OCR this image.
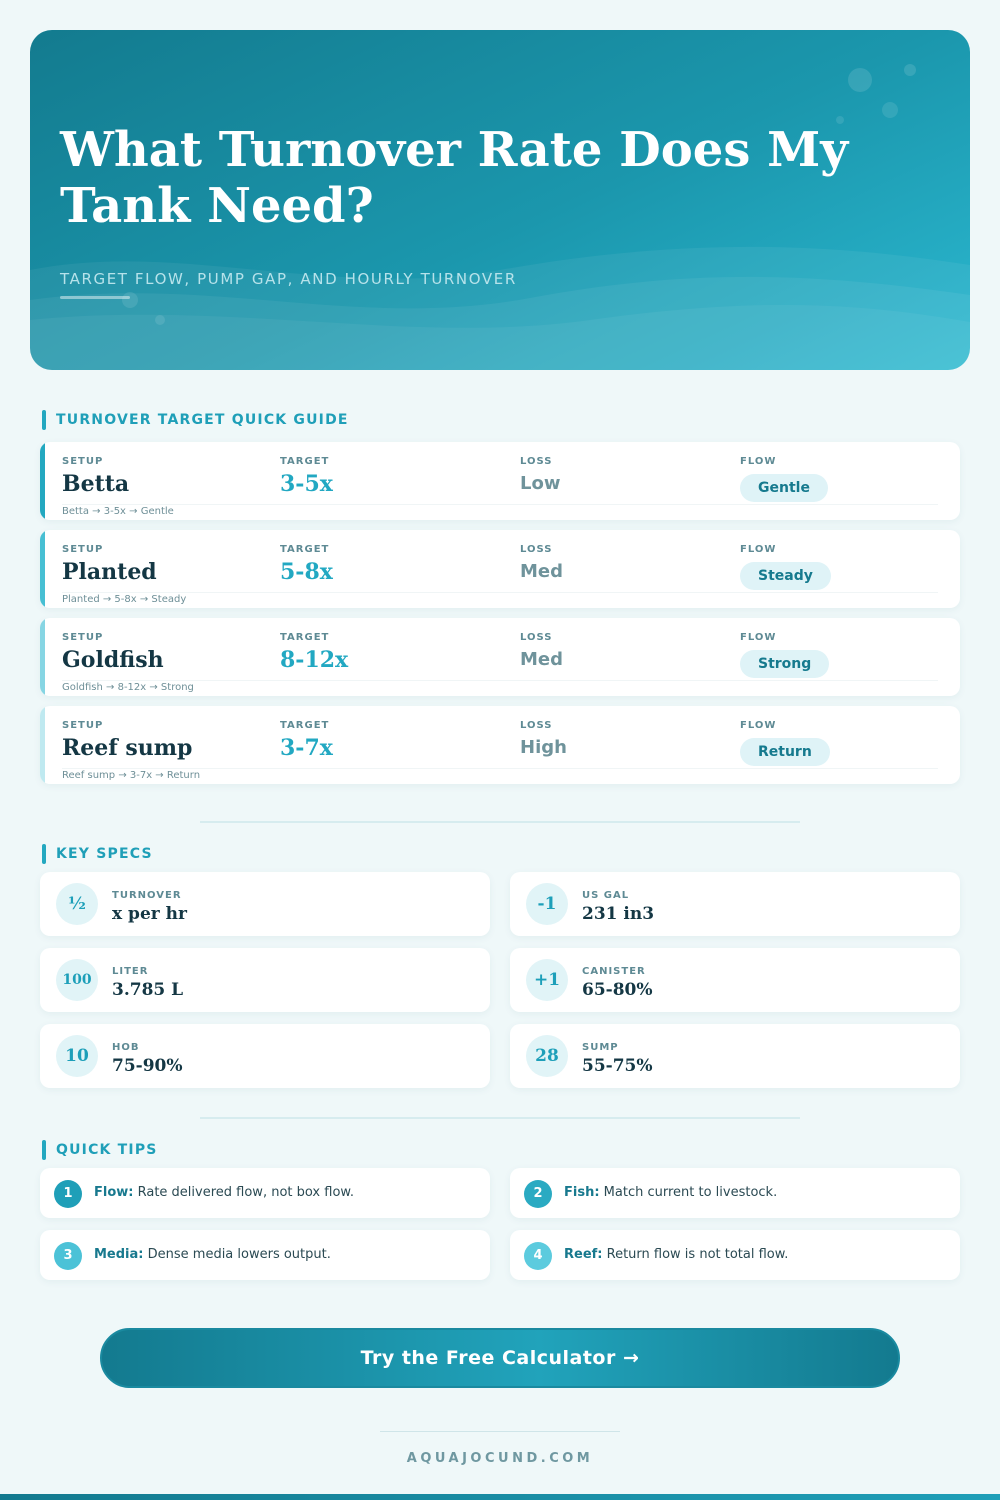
What Turnover Rate Does My Tank Need?
TARGET FLOW, PUMP GAP, AND HOURLY TURNOVER
TURNOVER TARGET QUICK GUIDE
SETUP
Betta
TARGET
3-5x
LOSS
Low
FLOW
Gentle
Betta → 3-5x → Gentle
SETUP
Planted
TARGET
5-8x
LOSS
Med
FLOW
Steady
Planted → 5-8x → Steady
SETUP
Goldfish
TARGET
8-12x
LOSS
Med
FLOW
Strong
Goldfish → 8-12x → Strong
SETUP
Reef sump
TARGET
3-7x
LOSS
High
FLOW
Return
Reef sump → 3-7x → Return
KEY SPECS
½	TURNOVER
x per hr	-1	US GAL
231 in3
100
LITER
3.785 L	+1	CANISTER
65-80%
10	HOB
75-90%	28	SUMP
55-75%
QUICK TIPS
1	Flow: Rate delivered flow, not box flow.	2	Fish: Match current to livestock.
3	Media: Dense media lowers output.	4	Reef: Return flow is not total flow.
Try the Free Calculator →
AQUAJOCUND.COM
